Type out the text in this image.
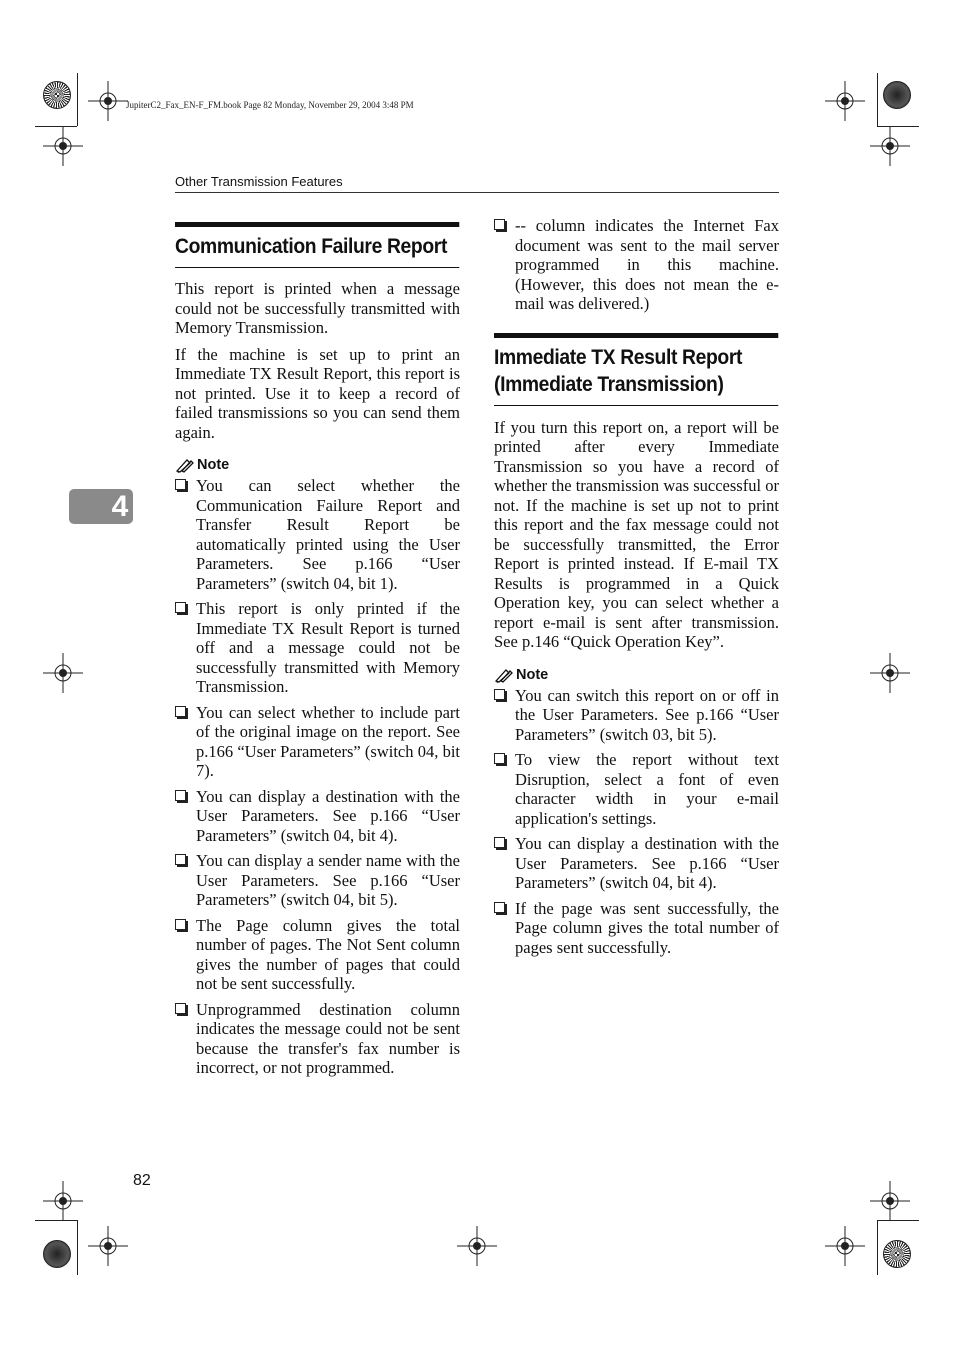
JupiterC2_Fax_EN-F_FM.book Page 82 Monday, November 29, 2004 3:48 PM
Other Transmission Features
4
Communication Failure Report

This report is printed when a message could not be successfully transmitted with Memory Transmission.

If the machine is set up to print an Immediate TX Result Report, this report is not printed. Use it to keep a record of failed transmissions so you can send them again.

Note
You can select whether the Communication Failure Report and Transfer Result Report be automatically printed using the User Parameters. See p.166 “User Parameters” (switch 04, bit 1).
This report is only printed if the Immediate TX Result Report is turned off and a message could not be successfully transmitted with Memory Transmission.
You can select whether to include part of the original image on the report. See p.166 “User Parameters” (switch 04, bit 7).
You can display a destination with the User Parameters. See p.166 “User Parameters” (switch 04, bit 4).
You can display a sender name with the User Parameters. See p.166 “User Parameters” (switch 04, bit 5).
The Page column gives the total number of pages. The Not Sent column gives the number of pages that could not be sent successfully.
Unprogrammed destination column indicates the message could not be sent because the transfer's fax number is incorrect, or not programmed.
-- column indicates the Internet Fax document was sent to the mail server programmed in this machine. (However, this does not mean the e-mail was delivered.)
Immediate TX Result Report
(Immediate Transmission)

If you turn this report on, a report will be printed after every Immediate Transmission so you have a record of whether the transmission was successful or not. If the machine is set up not to print this report and the fax message could not be successfully transmitted, the Error Report is printed instead. If E-mail TX Results is programmed in a Quick Operation key, you can select whether a report e-mail is sent after transmission. See p.146 “Quick Operation Key”.

Note
You can switch this report on or off in the User Parameters. See p.166 “User Parameters” (switch 03, bit 5).
To view the report without text Disruption, select a font of even character width in your e-mail application's settings.
You can display a destination with the User Parameters. See p.166 “User Parameters” (switch 04, bit 4).
If the page was sent successfully, the Page column gives the total number of pages sent successfully.
82
